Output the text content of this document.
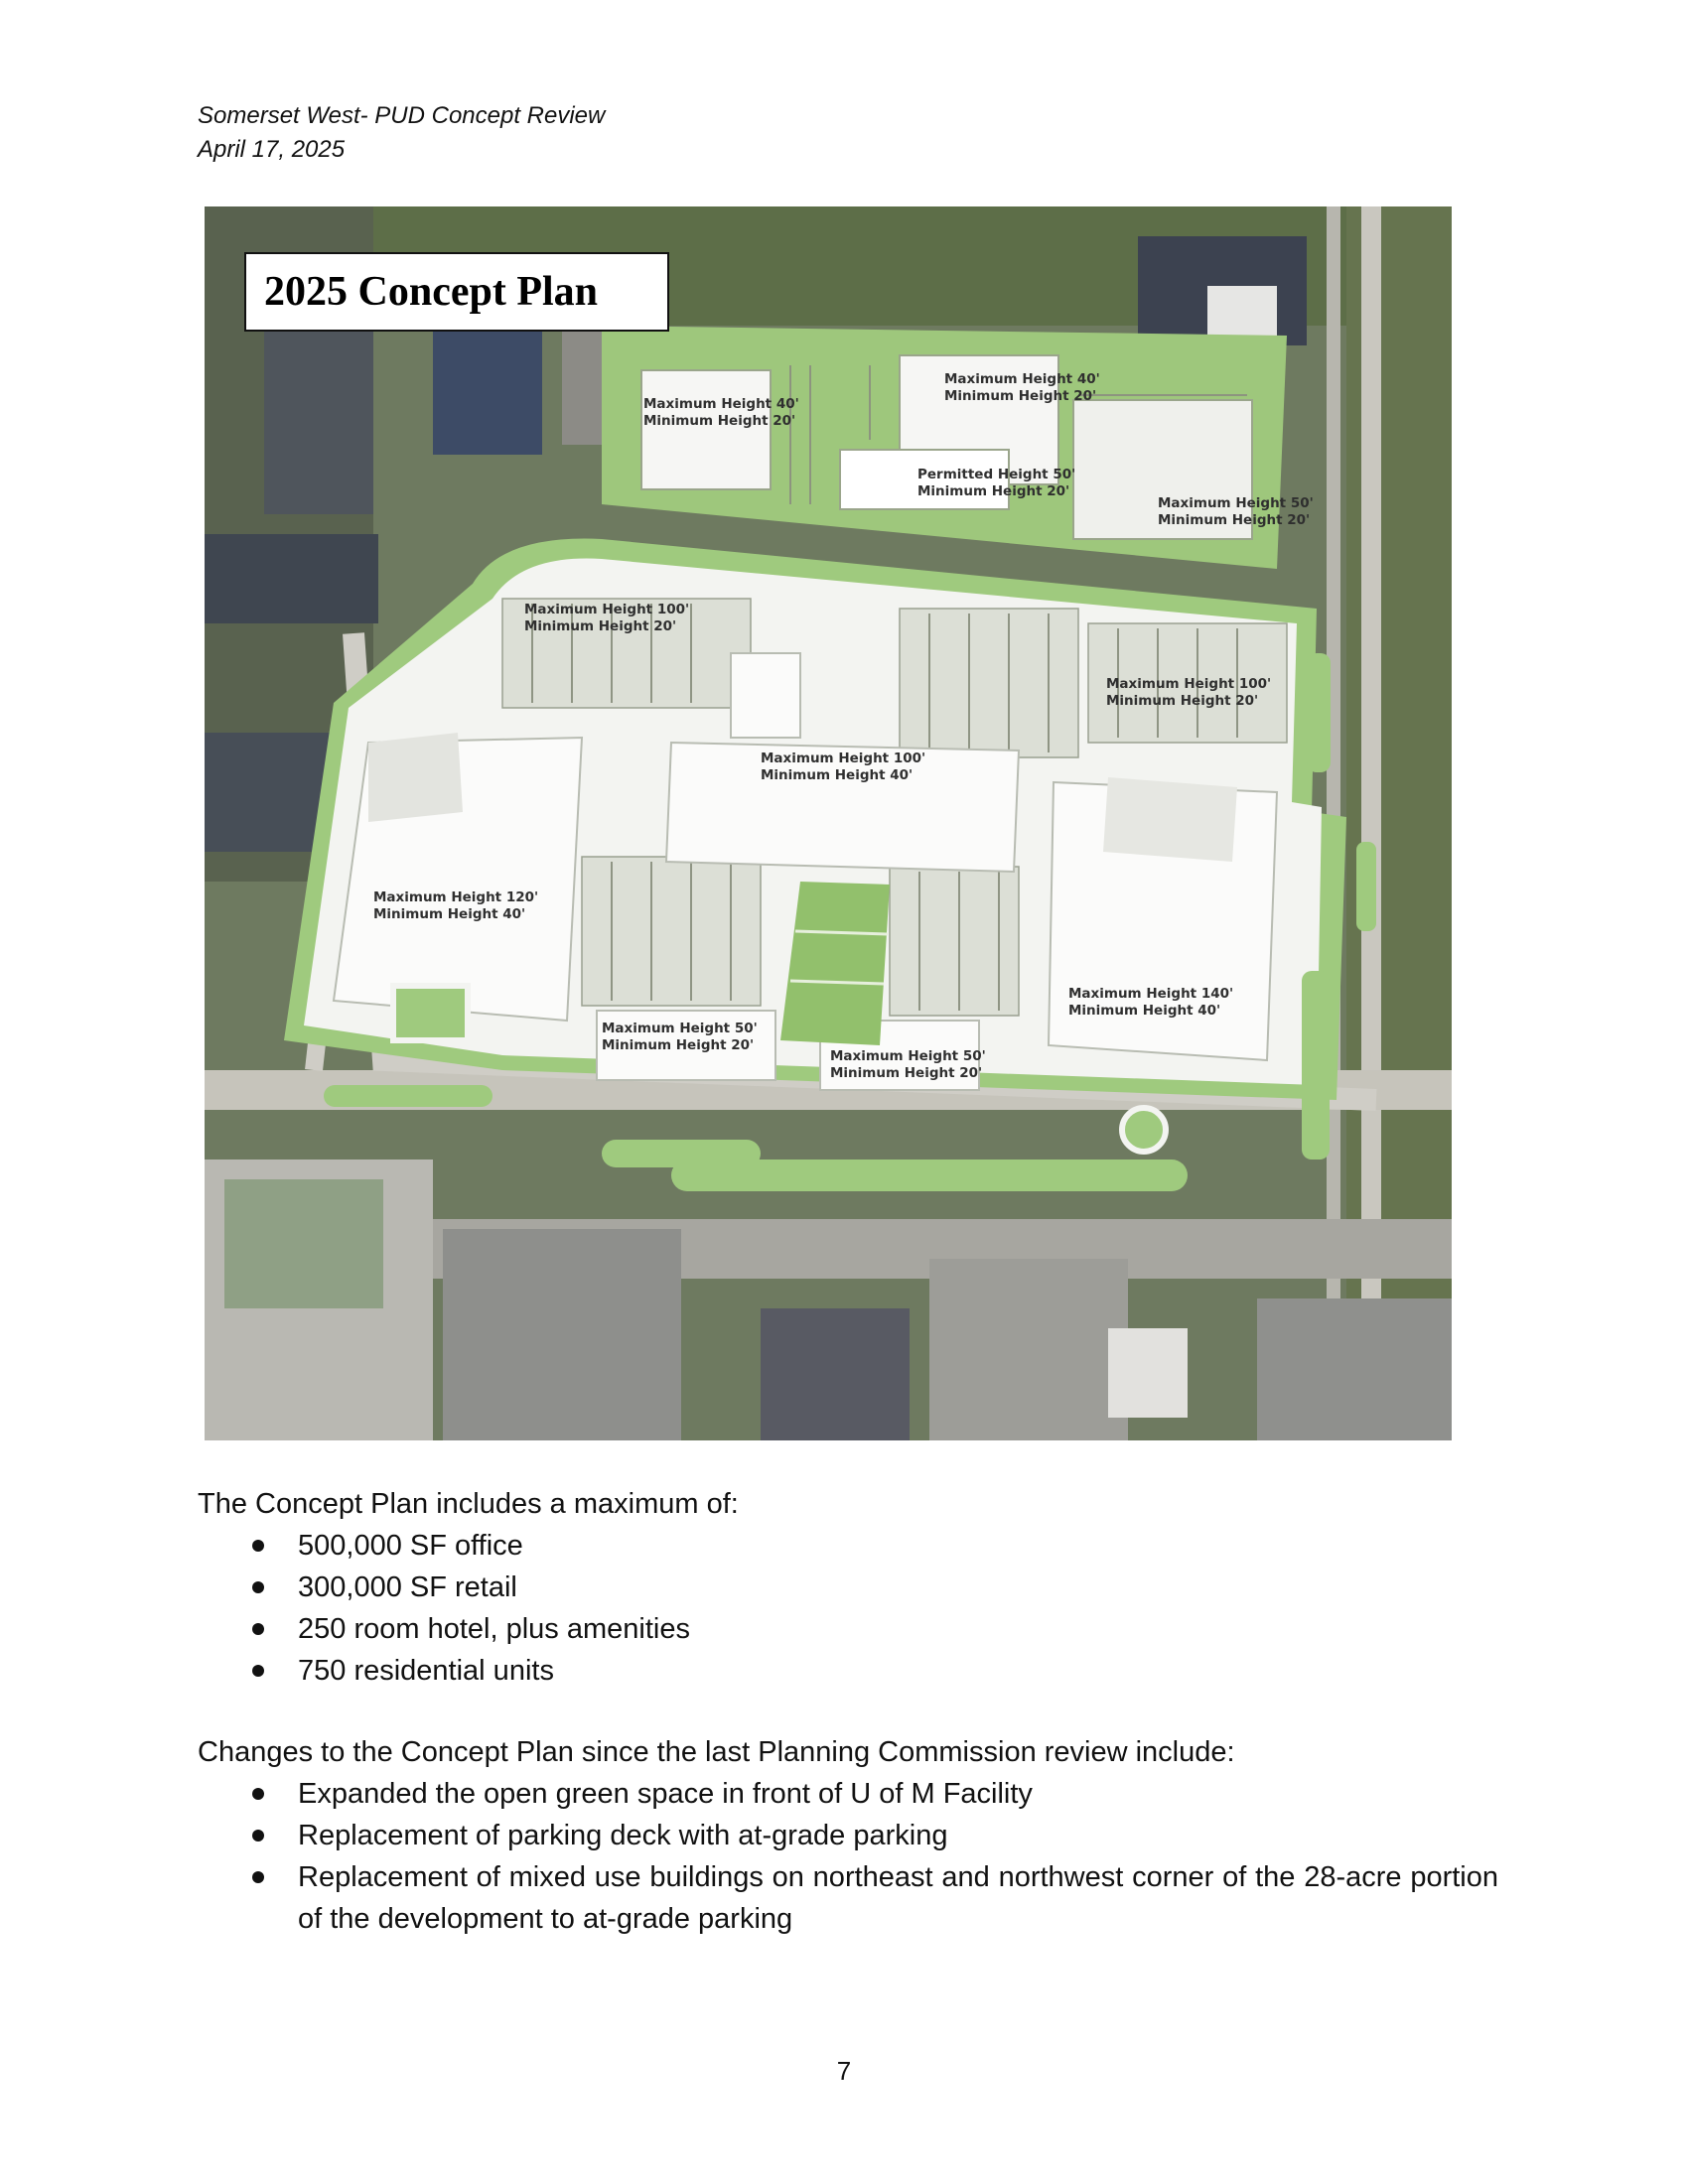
Somerset West- PUD Concept Review
April 17, 2025
Maximum Height 40'
Minimum Height 20'
Maximum Height 40'
Minimum Height 20'
Permitted Height 50'
Minimum Height 20'
Maximum Height 50'
Minimum Height 20'
Maximum Height 100'
Minimum Height 20'
Maximum Height 100'
Minimum Height 20'
Maximum Height 100'
Minimum Height 40'
Maximum Height 120'
Minimum Height 40'
Maximum Height 140'
Minimum Height 40'
Maximum Height 50'
Minimum Height 20'
Maximum Height 50'
Minimum Height 20'
2025 Concept Plan
The Concept Plan includes a maximum of:
500,000 SF office
300,000 SF retail
250 room hotel, plus amenities
750 residential units
Changes to the Concept Plan since the last Planning Commission review include:
Expanded the open green space in front of U of M Facility
Replacement of parking deck with at-grade parking
Replacement of mixed use buildings on northeast and northwest corner of the 28-acre portion of the development to at-grade parking
7
